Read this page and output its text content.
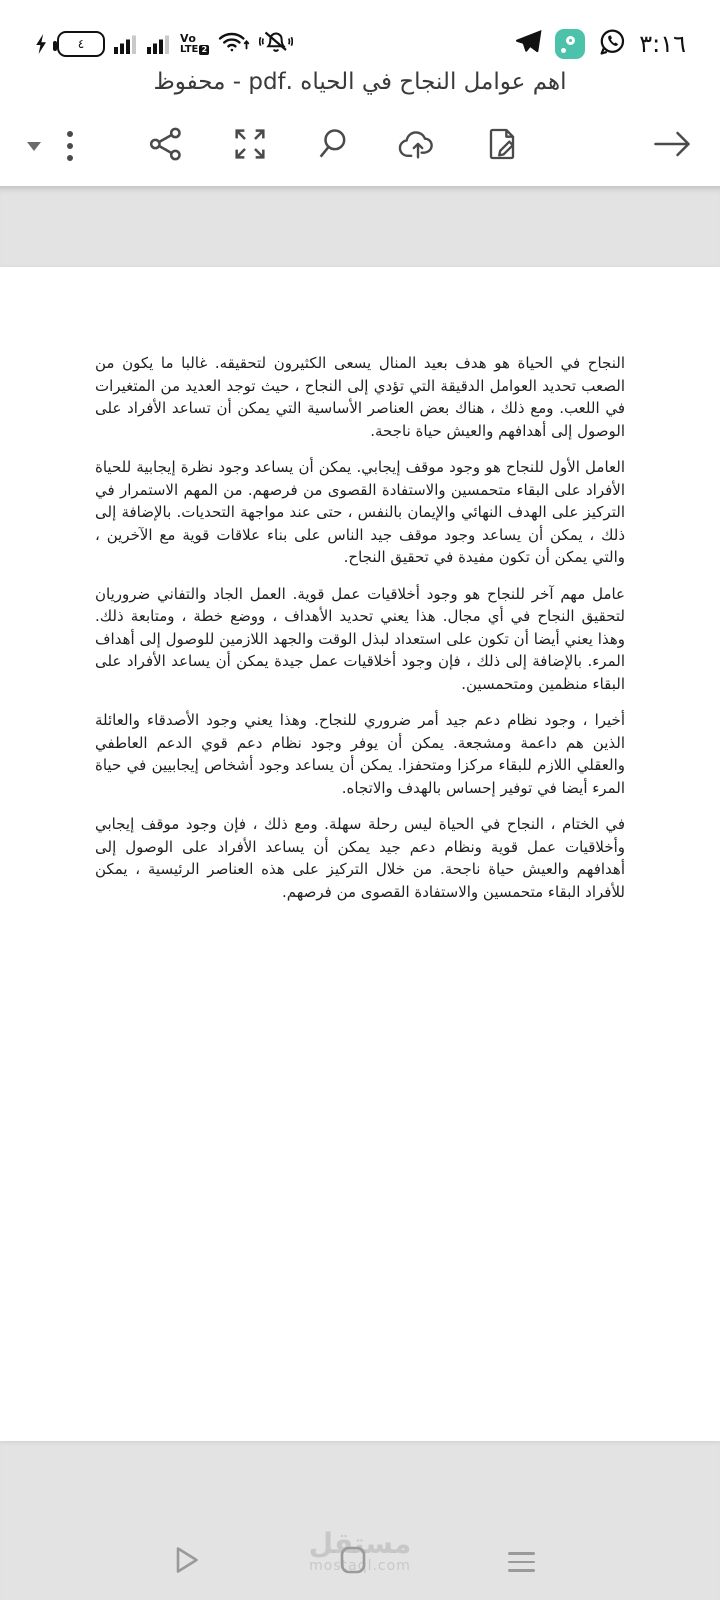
٤	Vo
LTE 2	٣:١٦
اهم عوامل النجاح في الحياه .pdf - محفوظ

النجاح في الحياة هو هدف بعيد المنال يسعى الكثيرون لتحقيقه. غالبا ما يكون من الصعب تحديد العوامل الدقيقة التي تؤدي إلى النجاح ، حيث توجد العديد من المتغيرات في اللعب. ومع ذلك ، هناك بعض العناصر الأساسية التي يمكن أن تساعد الأفراد على الوصول إلى أهدافهم والعيش حياة ناجحة.

العامل الأول للنجاح هو وجود موقف إيجابي. يمكن أن يساعد وجود نظرة إيجابية للحياة الأفراد على البقاء متحمسين والاستفادة القصوى من فرصهم. من المهم الاستمرار في التركيز على الهدف النهائي والإيمان بالنفس ، حتى عند مواجهة التحديات. بالإضافة إلى ذلك ، يمكن أن يساعد وجود موقف جيد الناس على بناء علاقات قوية مع الآخرين ، والتي يمكن أن تكون مفيدة في تحقيق النجاح.

عامل مهم آخر للنجاح هو وجود أخلاقيات عمل قوية. العمل الجاد والتفاني ضروريان لتحقيق النجاح في أي مجال. هذا يعني تحديد الأهداف ، ووضع خطة ، ومتابعة ذلك. وهذا يعني أيضا أن تكون على استعداد لبذل الوقت والجهد اللازمين للوصول إلى أهداف المرء. بالإضافة إلى ذلك ، فإن وجود أخلاقيات عمل جيدة يمكن أن يساعد الأفراد على البقاء منظمين ومتحمسين.

أخيرا ، وجود نظام دعم جيد أمر ضروري للنجاح. وهذا يعني وجود الأصدقاء والعائلة الذين هم داعمة ومشجعة. يمكن أن يوفر وجود نظام دعم قوي الدعم العاطفي والعقلي اللازم للبقاء مركزا ومتحفزا. يمكن أن يساعد وجود أشخاص إيجابيين في حياة المرء أيضا في توفير إحساس بالهدف والاتجاه.

في الختام ، النجاح في الحياة ليس رحلة سهلة. ومع ذلك ، فإن وجود موقف إيجابي وأخلاقيات عمل قوية ونظام دعم جيد يمكن أن يساعد الأفراد على الوصول إلى أهدافهم والعيش حياة ناجحة. من خلال التركيز على هذه العناصر الرئيسية ، يمكن للأفراد البقاء متحمسين والاستفادة القصوى من فرصهم.

مستقل
mostaql.com
